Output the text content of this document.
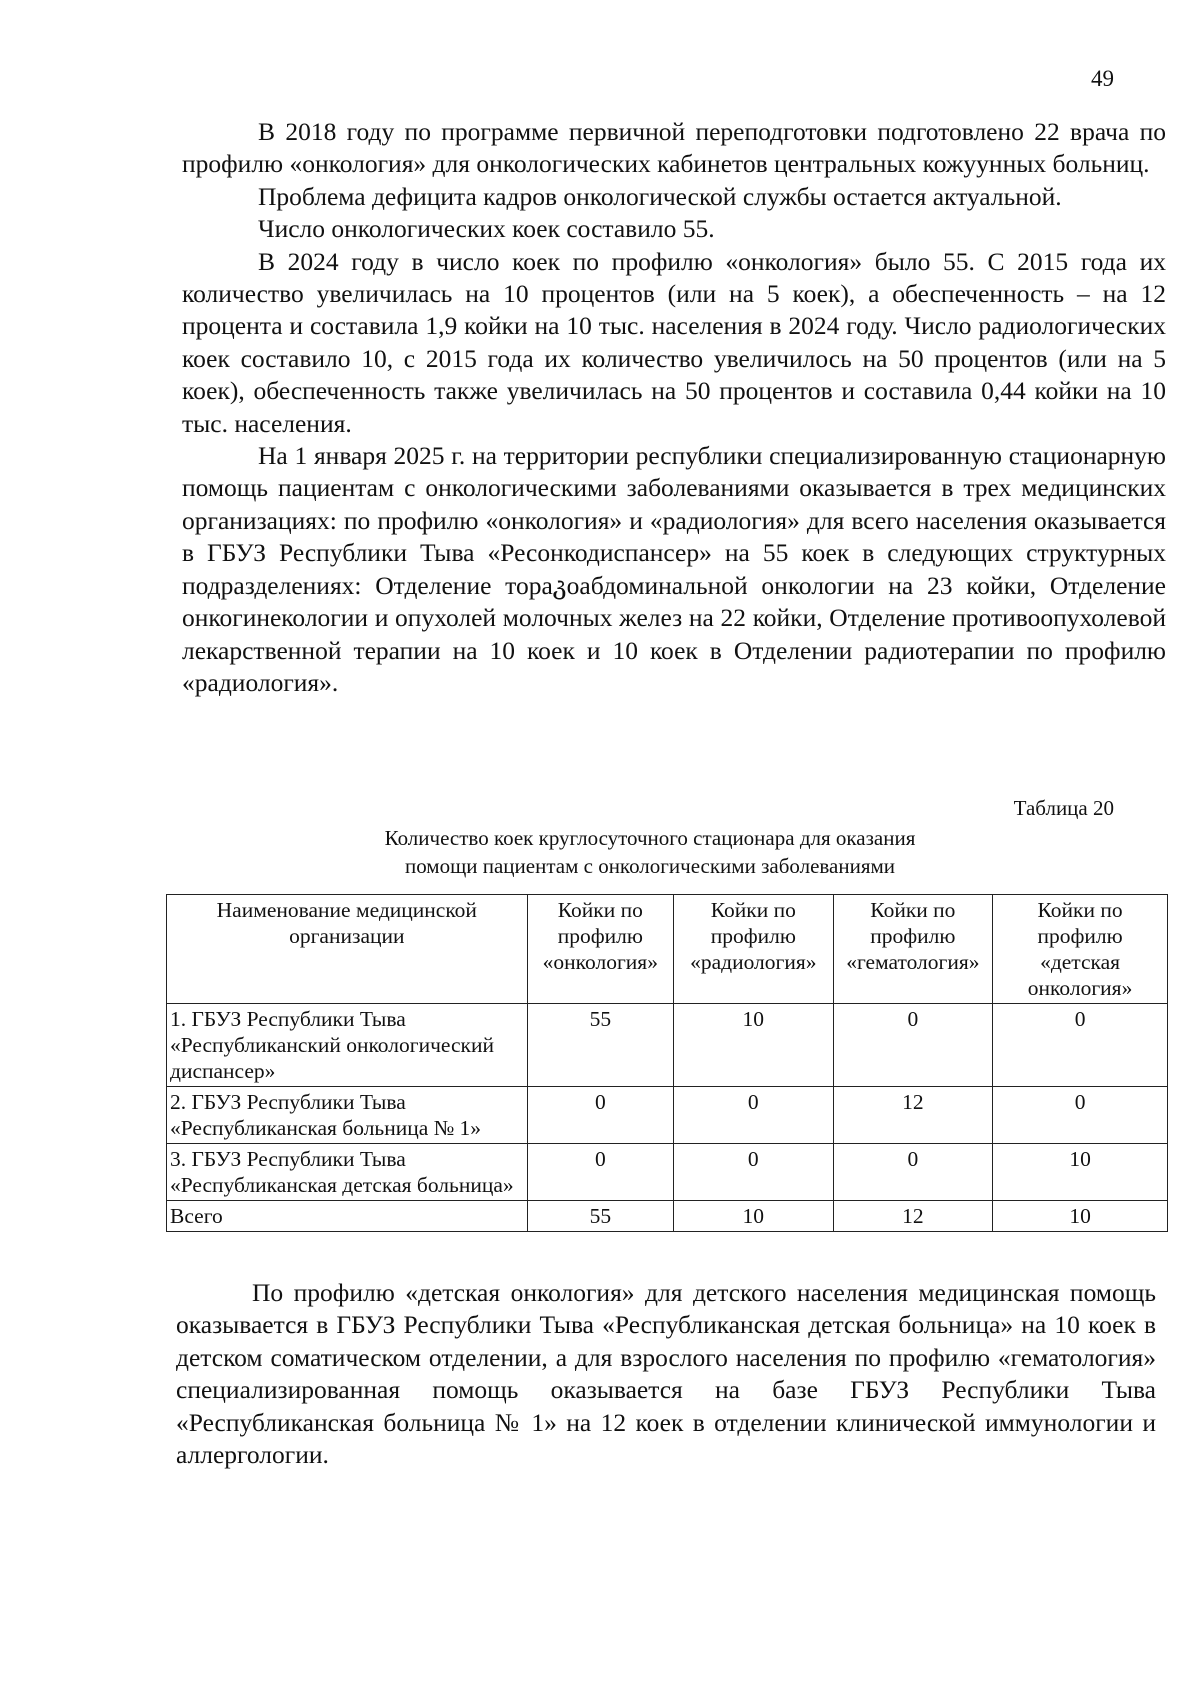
49

В 2018 году по программе первичной переподготовки подготовлено 22 врача по профилю «онкология» для онкологических кабинетов центральных кожуунных больниц.

Проблема дефицита кадров онкологической службы остается актуальной.

Число онкологических коек составило 55.

В 2024 году в число коек по профилю «онкология» было 55. С 2015 года их количество увеличилась на 10 процентов (или на 5 коек), а обеспеченность – на 12 процента и составила 1,9 койки на 10 тыс. населения в 2024 году. Число радиологических коек составило 10, с 2015 года их количество увеличилось на 50 процентов (или на 5 коек), обеспеченность также увеличилась на 50 процентов и составила 0,44 койки на 10 тыс. населения.

На 1 января 2025 г. на территории республики специализированную стационарную помощь пациентам с онкологическими заболеваниями оказывается в трех медицинских организациях: по профилю «онкология» и «радиология» для всего населения оказывается в ГБУЗ Республики Тыва «Ресонкодиспансер» на 55 коек в следующих структурных подразделениях: Отделение тораკоабдоминальной онкологии на 23 койки, Отделение онкогинекологии и опухолей молочных желез на 22 койки, Отделение противоопухолевой лекарственной терапии на 10 коек и 10 коек в Отделении радиотерапии по профилю «радиология».

Таблица 20
Количество коек круглосуточного стационара для оказания
помощи пациентам с онкологическими заболеваниями
Наименование медицинской организации	Койки по профилю «онкология»	Койки по профилю «радиология»	Койки по профилю «гематология»	Койки по профилю «детская онкология»
1. ГБУЗ Республики Тыва «Республиканский онкологический диспансер»	55	10	0	0
2. ГБУЗ Республики Тыва «Республиканская больница № 1»	0	0	12	0
3. ГБУЗ Республики Тыва «Республиканская детская больница»	0	0	0	10
Всего	55	10	12	10

По профилю «детская онкология» для детского населения медицинская помощь оказывается в ГБУЗ Республики Тыва «Республиканская детская больница» на 10 коек в детском соматическом отделении, а для взрослого населения по профилю «гематология» специализированная помощь оказывается на базе ГБУЗ Республики Тыва «Республиканская больница № 1» на 12 коек в отделении клинической иммунологии и аллергологии.
